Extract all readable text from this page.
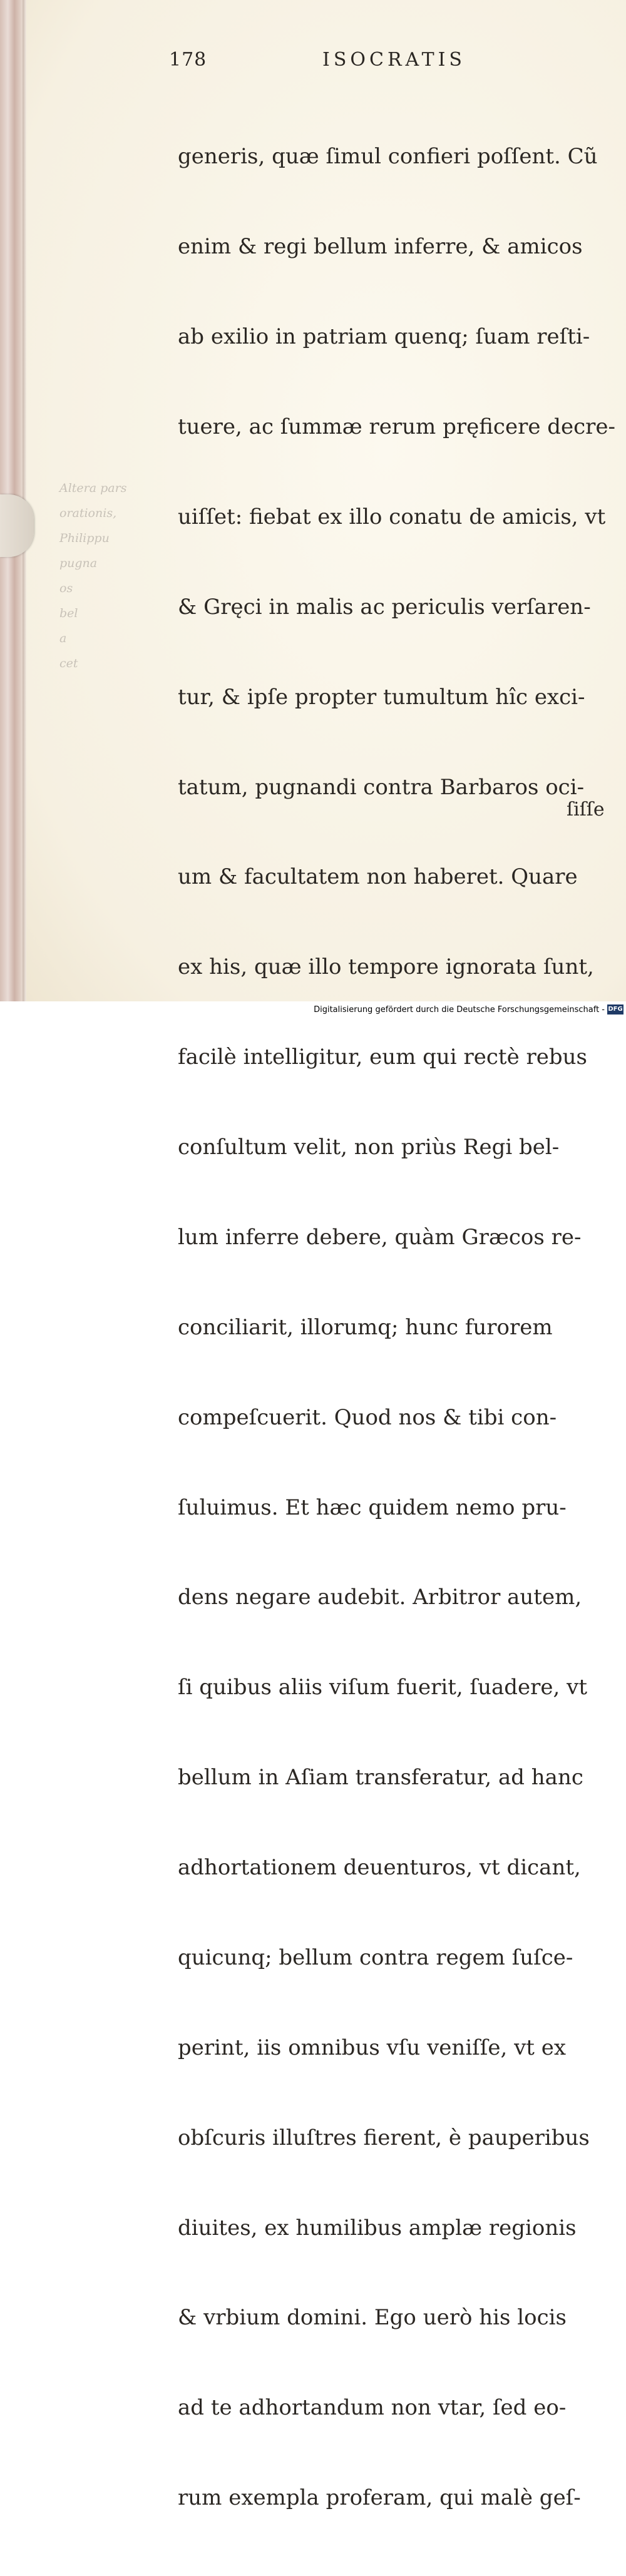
178	ISOCRATIS
Altera pars
orationis,
Philippu
pugna
os
bel
a
cet

generis, quæ ſimul confieri poſſent. Cũ

enim & regi bellum inferre, & amicos

ab exilio in patriam quenq; ſuam reſti-

tuere, ac ſummæ rerum pręficere decre-

uiſſet: fiebat ex illo conatu de amicis, vt

& Gręci in malis ac periculis verſaren-

tur, & ipſe propter tumultum hîc exci-

tatum, pugnandi contra Barbaros oci-

um & facultatem non haberet. Quare

ex his, quæ illo tempore ignorata ſunt,

facilè intelligitur, eum qui rectè rebus

conſultum velit, non priùs Regi bel-

lum inferre debere, quàm Græcos re-

conciliarit, illorumq; hunc furorem

compeſcuerit. Quod nos & tibi con-

ſuluimus. Et hæc quidem nemo pru-

dens negare audebit. Arbitror autem,

ſi quibus aliis viſum fuerit, ſuadere, vt

bellum in Aſiam transferatur, ad hanc

adhortationem deuenturos, vt dicant,

quicunq; bellum contra regem ſuſce-

perint, iis omnibus vſu veniſſe, vt ex

obſcuris illuſtres fierent, è pauperibus

diuites, ex humilibus amplæ regionis

& vrbium domini. Ego uerò his locis

ad te adhortandum non vtar, ſed eo-

rum exempla proferam, qui malè geſ-

ſiſſe
Digitalisierung gefördert durch die Deutsche Forschungsgemeinschaft - DFG
